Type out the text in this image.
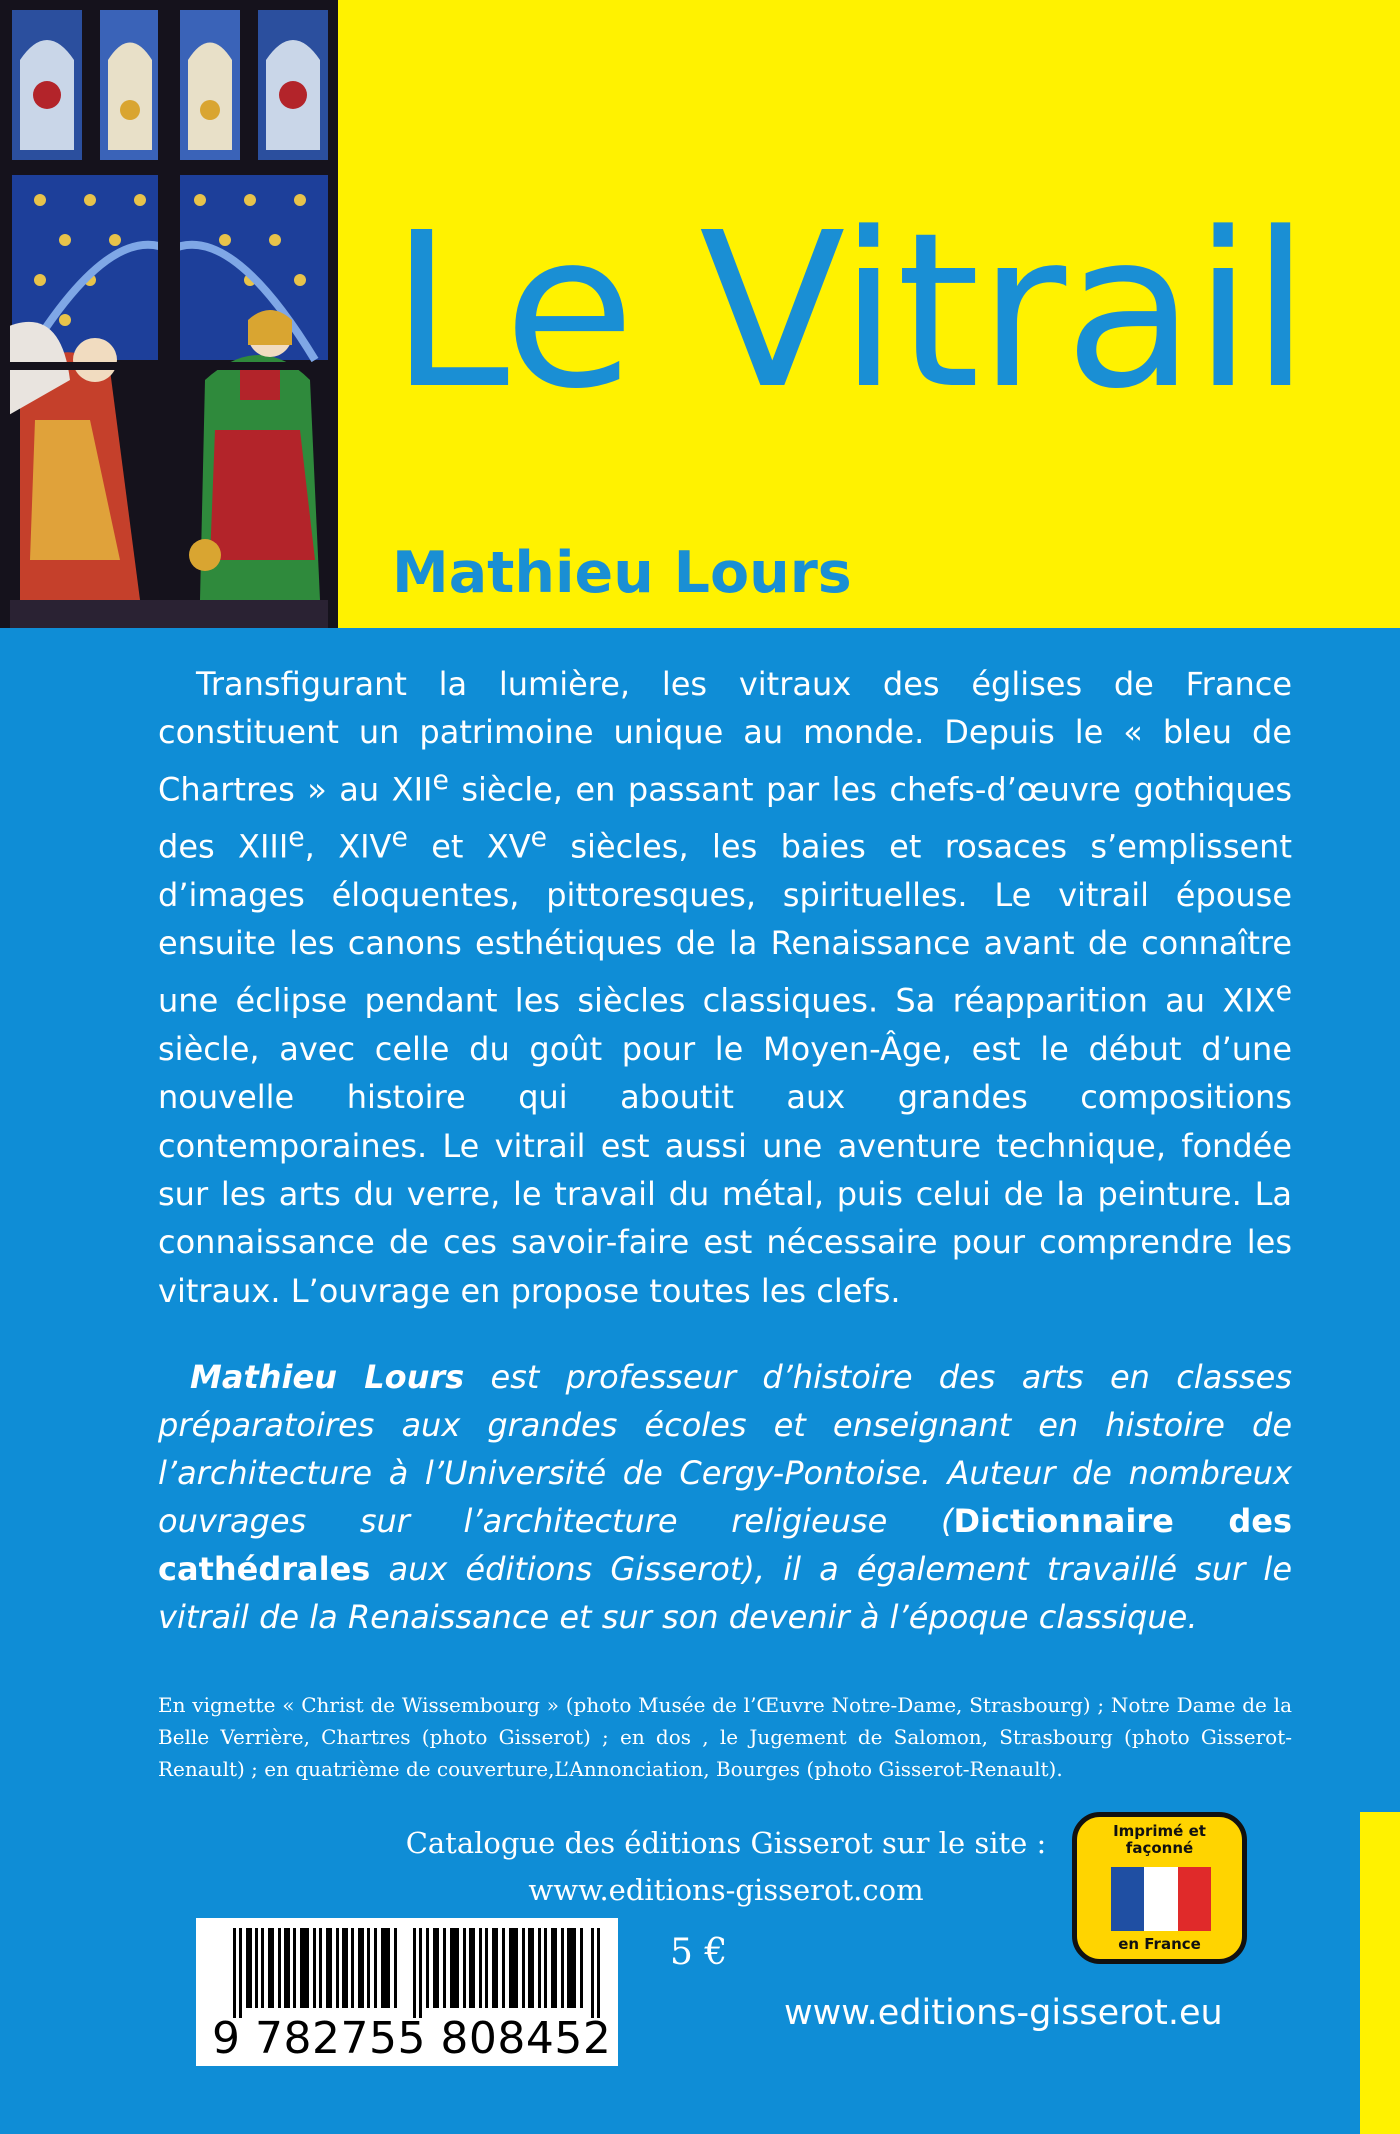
Le Vitrail
Mathieu Lours

Transfigurant la lumière, les vitraux des églises de France constituent un patrimoine unique au monde. Depuis le « bleu de Chartres » au XIIe siècle, en passant par les chefs-d’œuvre gothiques des XIIIe, XIVe et XVe siècles, les baies et rosaces s’emplissent d’images éloquentes, pittoresques, spirituelles. Le vitrail épouse ensuite les canons esthétiques de la Renaissance avant de connaître une éclipse pendant les siècles classiques. Sa réapparition au XIXe siècle, avec celle du goût pour le Moyen-Âge, est le début d’une nouvelle histoire qui aboutit aux grandes compositions contemporaines. Le vitrail est aussi une aventure technique, fondée sur les arts du verre, le travail du métal, puis celui de la peinture. La connaissance de ces savoir-faire est nécessaire pour comprendre les vitraux. L’ouvrage en propose toutes les clefs.

Mathieu Lours est professeur d’histoire des arts en classes préparatoires aux grandes écoles et enseignant en histoire de l’architecture à l’Université de Cergy-Pontoise. Auteur de nombreux ouvrages sur l’architecture religieuse (Dictionnaire des cathédrales aux éditions Gisserot), il a également travaillé sur le vitrail de la Renaissance et sur son devenir à l’époque classique.

En vignette « Christ de Wissembourg » (photo Musée de l’Œuvre Notre-Dame, Strasbourg) ; Notre Dame de la Belle Verrière, Chartres (photo Gisserot) ; en dos , le Jugement de Salomon, Strasbourg (photo Gisserot-Renault) ; en quatrième de couverture,L’Annonciation, Bourges (photo Gisserot-Renault).

Catalogue des éditions Gisserot sur le site :
www.editions-gisserot.com
Imprimé et façonné
en France
9 782755 808452
5 €
www.editions-gisserot.eu
